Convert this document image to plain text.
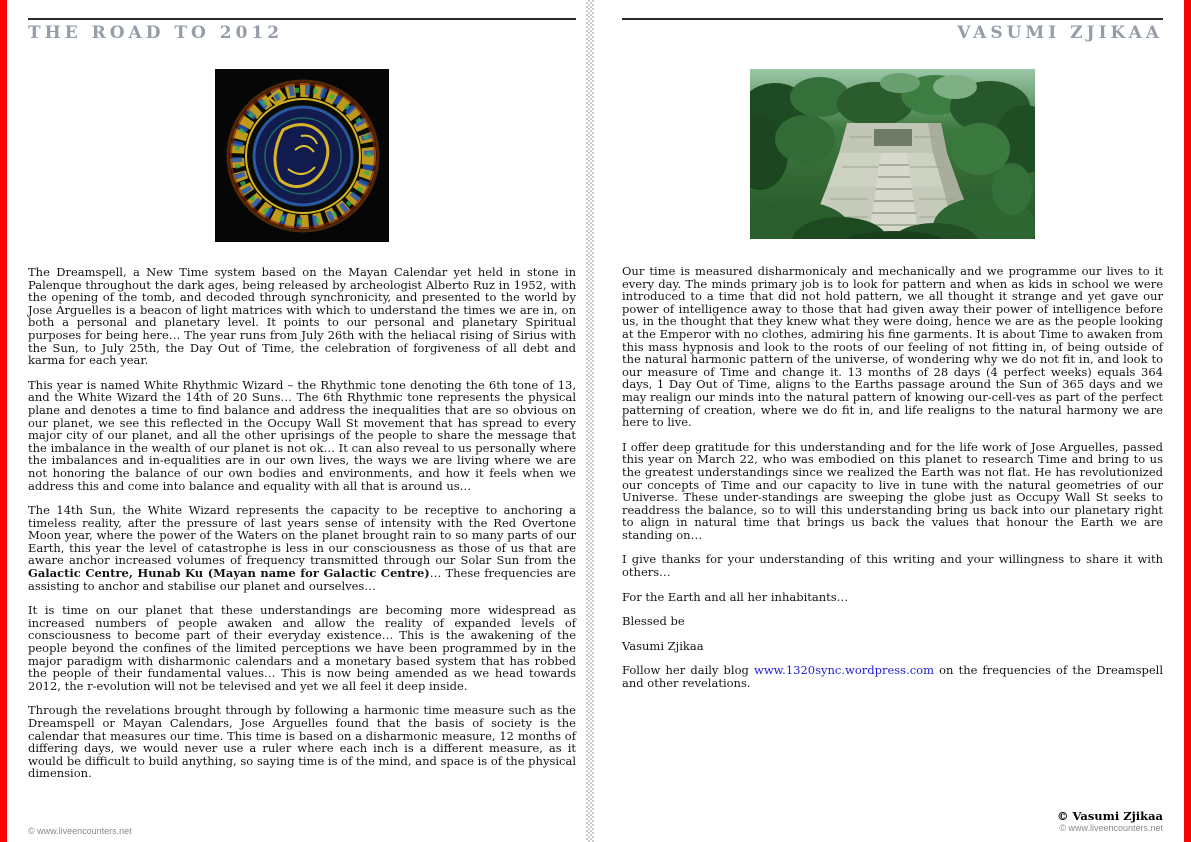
THE ROAD TO 2012

The Dreamspell, a New Time system based on the Mayan Calendar yet held in stone in Palenque throughout the dark ages, being released by archeologist Alberto Ruz in 1952, with the opening of the tomb, and decoded through synchronicity, and presented to the world by Jose Arguelles is a beacon of light matrices with which to understand the times we are in, on both a personal and planetary level. It points to our personal and planetary Spiritual purposes for being here… The year runs from July 26th with the heliacal rising of Sirius with the Sun, to July 25th, the Day Out of Time, the celebration of forgiveness of all debt and karma for each year.

This year is named White Rhythmic Wizard – the Rhythmic tone denoting the 6th tone of 13, and the White Wizard the 14th of 20 Suns… The 6th Rhythmic tone represents the physical plane and denotes a time to find balance and address the inequalities that are so obvious on our planet, we see this reflected in the Occupy Wall St movement that has spread to every major city of our planet, and all the other uprisings of the people to share the message that the imbalance in the wealth of our planet is not ok… It can also reveal to us personally where the imbalances and in-equalities are in our own lives, the ways we are living where we are not honoring the balance of our own bodies and environments, and how it feels when we address this and come into balance and equality with all that is around us…

The 14th Sun, the White Wizard represents the capacity to be receptive to anchoring a timeless reality, after the pressure of last years sense of intensity with the Red Overtone Moon year, where the power of the Waters on the planet brought rain to so many parts of our Earth, this year the level of catastrophe is less in our consciousness as those of us that are aware anchor increased volumes of frequency transmitted through our Solar Sun from the Galactic Centre, Hunab Ku (Mayan name for Galactic Centre)… These frequencies are assisting to anchor and stabilise our planet and ourselves…

It is time on our planet that these understandings are becoming more widespread as increased numbers of people awaken and allow the reality of expanded levels of consciousness to become part of their everyday existence… This is the awakening of the people beyond the confines of the limited perceptions we have been programmed by in the major paradigm with disharmonic calendars and a monetary based system that has robbed the people of their fundamental values… This is now being amended as we head towards 2012, the r-evolution will not be televised and yet we all feel it deep inside.

Through the revelations brought through by following a harmonic time measure such as the Dreamspell or Mayan Calendars, Jose Arguelles found that the basis of society is the calendar that measures our time. This time is based on a disharmonic measure, 12 months of differing days, we would never use a ruler where each inch is a different measure, as it would be difficult to build anything, so saying time is of the mind, and space is of the physical dimension.

© www.liveencounters.net
VASUMI ZJIKAA

Our time is measured disharmonicaly and mechanically and we programme our lives to it every day. The minds primary job is to look for pattern and when as kids in school we were introduced to a time that did not hold pattern, we all thought it strange and yet gave our power of intelligence away to those that had given away their power of intelligence before us, in the thought that they knew what they were doing, hence we are as the people looking at the Emperor with no clothes, admiring his fine garments. It is about Time to awaken from this mass hypnosis and look to the roots of our feeling of not fitting in, of being outside of the natural harmonic pattern of the universe, of wondering why we do not fit in, and look to our measure of Time and change it. 13 months of 28 days (4 perfect weeks) equals 364 days, 1 Day Out of Time, aligns to the Earths passage around the Sun of 365 days and we may realign our minds into the natural pattern of knowing our-cell-ves as part of the perfect patterning of creation, where we do fit in, and life realigns to the natural harmony we are here to live.

I offer deep gratitude for this understanding and for the life work of Jose Arguelles, passed this year on March 22, who was embodied on this planet to research Time and bring to us the greatest understandings since we realized the Earth was not flat. He has revolutionized our concepts of Time and our capacity to live in tune with the natural geometries of our Universe. These under-standings are sweeping the globe just as Occupy Wall St seeks to readdress the balance, so to will this understanding bring us back into our planetary right to align in natural time that brings us back the values that honour the Earth we are standing on…

I give thanks for your understanding of this writing and your willingness to share it with others…

For the Earth and all her inhabitants…

Blessed be

Vasumi Zjikaa

Follow her daily blog www.1320sync.wordpress.com on the frequencies of the Dreamspell and other revelations.

© Vasumi Zjikaa
© www.liveencounters.net
